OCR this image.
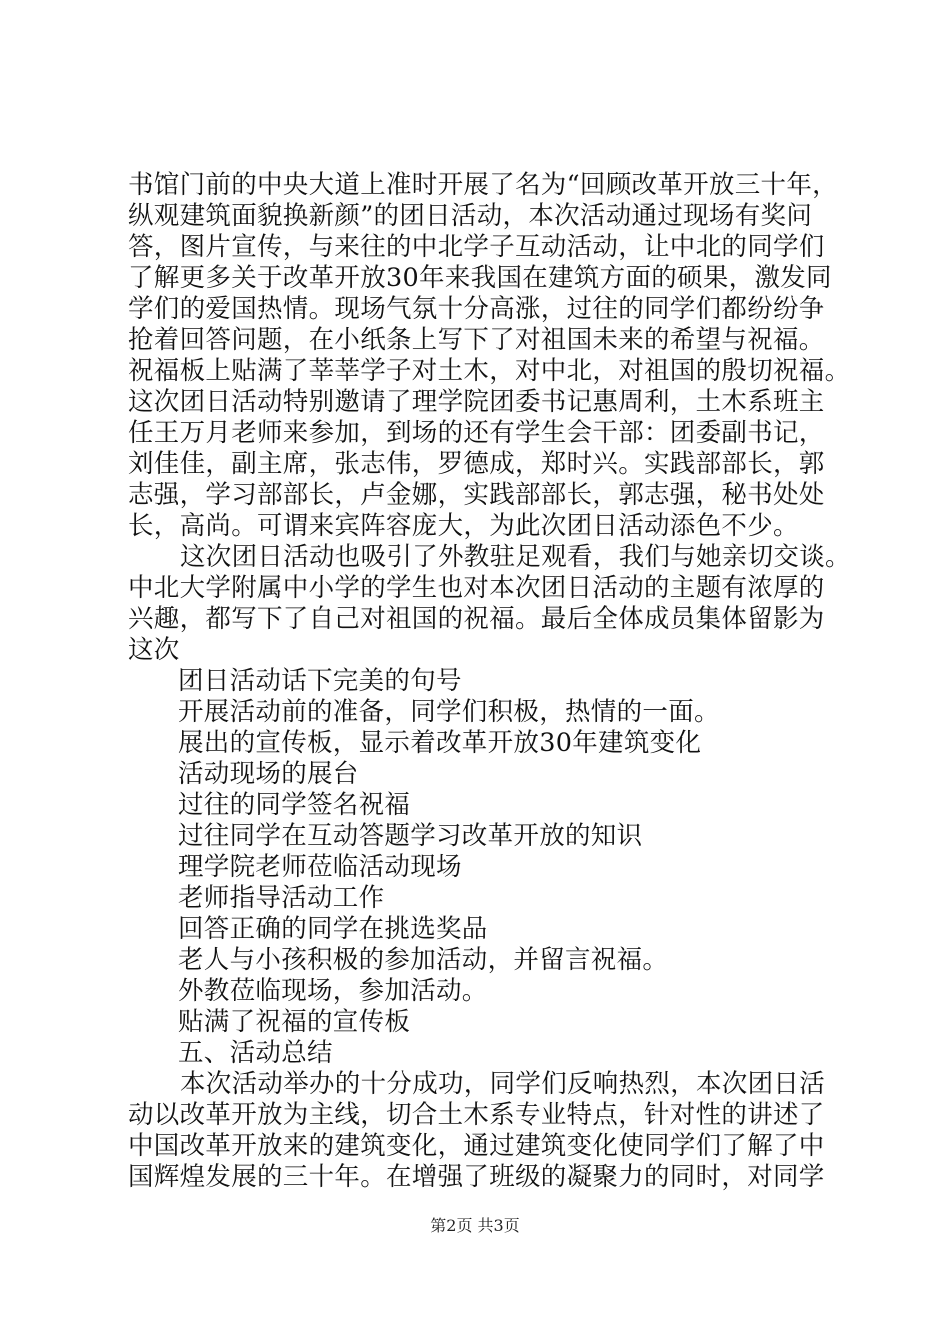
书馆门前的中央大道上准时开展了名为“回顾改革开放三十年，
纵观建筑面貌换新颜”的团日活动，本次活动通过现场有奖问
答，图片宣传，与来往的中北学子互动活动，让中北的同学们
了解更多关于改革开放30年来我国在建筑方面的硕果，激发同
学们的爱国热情。现场气氛十分高涨，过往的同学们都纷纷争
抢着回答问题，在小纸条上写下了对祖国未来的希望与祝福。
祝福板上贴满了莘莘学子对土木，对中北，对祖国的殷切祝福。
这次团日活动特别邀请了理学院团委书记惠周利，土木系班主
任王万月老师来参加，到场的还有学生会干部：团委副书记，
刘佳佳，副主席，张志伟，罗德成，郑时兴。实践部部长，郭
志强，学习部部长，卢金娜，实践部部长，郭志强，秘书处处
长，高尚。可谓来宾阵容庞大，为此次团日活动添色不少。
这次团日活动也吸引了外教驻足观看，我们与她亲切交谈。
中北大学附属中小学的学生也对本次团日活动的主题有浓厚的
兴趣，都写下了自己对祖国的祝福。最后全体成员集体留影为
这次
团日活动话下完美的句号
开展活动前的准备，同学们积极，热情的一面。
展出的宣传板，显示着改革开放30年建筑变化
活动现场的展台
过往的同学签名祝福
过往同学在互动答题学习改革开放的知识
理学院老师莅临活动现场
老师指导活动工作
回答正确的同学在挑选奖品
老人与小孩积极的参加活动，并留言祝福。
外教莅临现场，参加活动。
贴满了祝福的宣传板
五、活动总结
本次活动举办的十分成功，同学们反响热烈，本次团日活
动以改革开放为主线，切合土木系专业特点，针对性的讲述了
中国改革开放来的建筑变化，通过建筑变化使同学们了解了中
国辉煌发展的三十年。在增强了班级的凝聚力的同时，对同学
第2页 共3页
